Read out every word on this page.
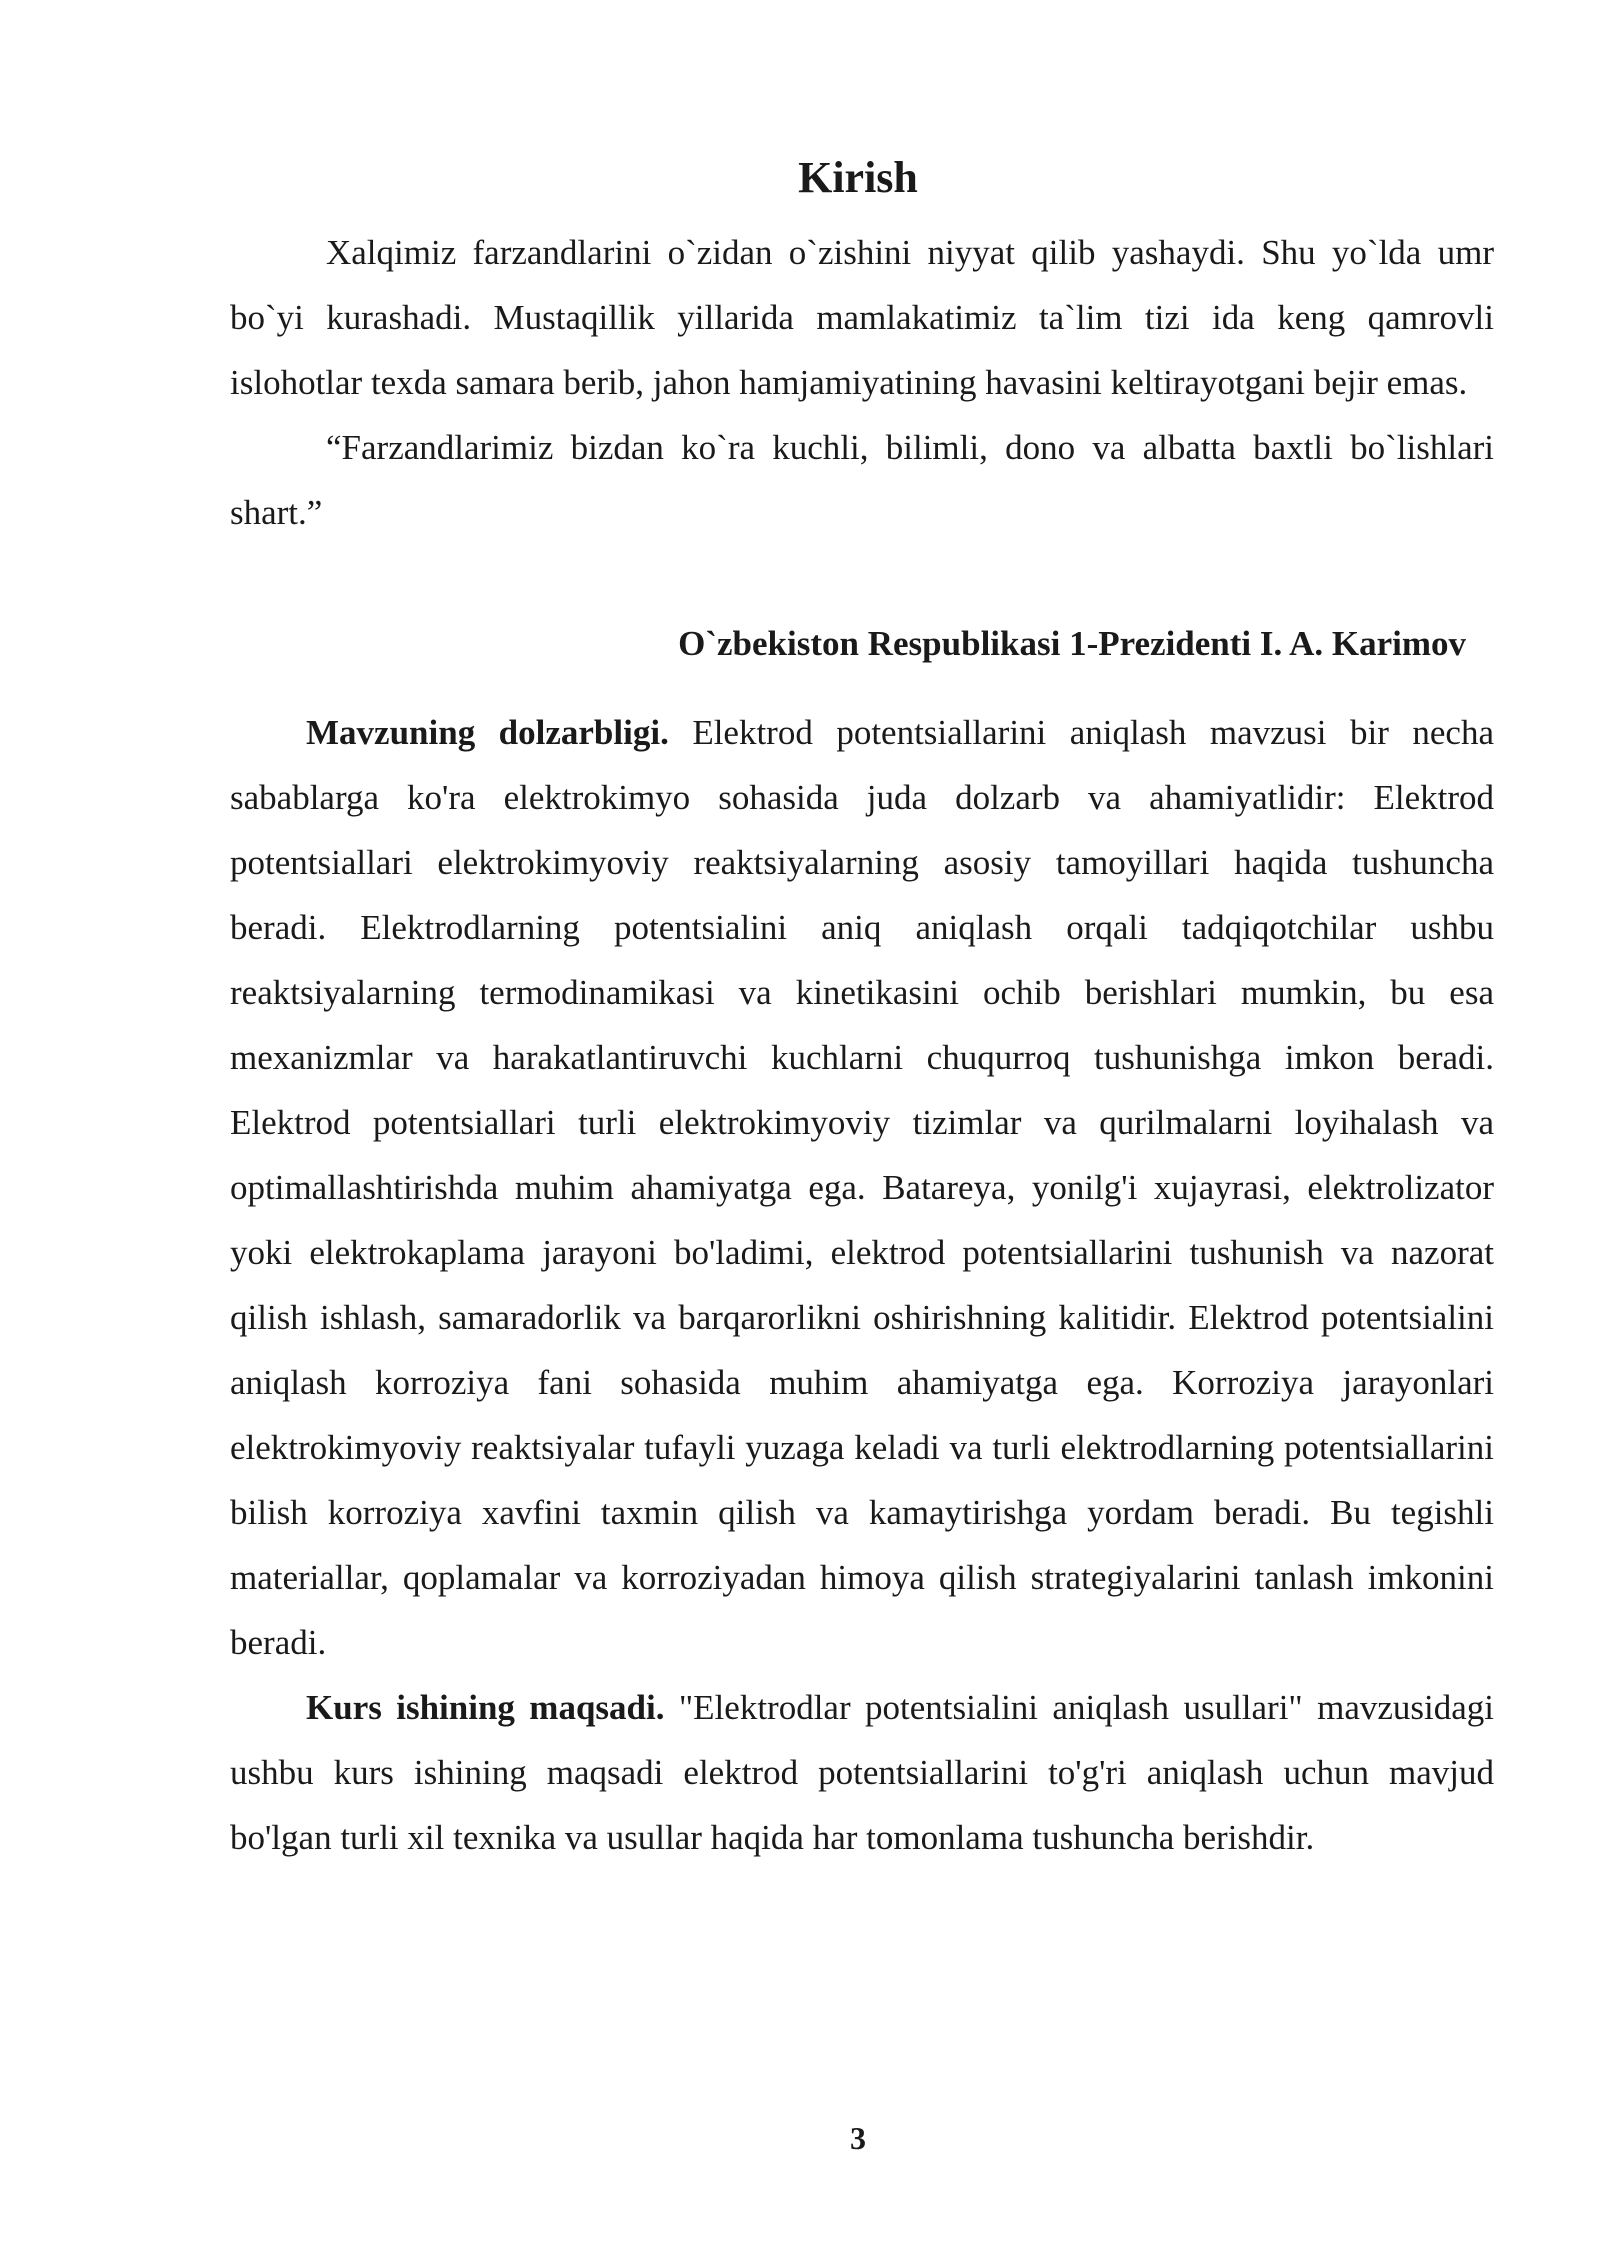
Kirish

Xalqimiz farzandlarini o`zidan o`zishini niyyat qilib yashaydi. Shu yo`lda umr bo`yi kurashadi. Mustaqillik yillarida mamlakatimiz ta`lim tizi ida keng qamrovli islohotlar texda samara berib, jahon hamjamiyatining havasini keltirayotgani bejir emas.

“Farzandlarimiz bizdan ko`ra kuchli, bilimli, dono va albatta baxtli bo`lishlari shart.”

O`zbekiston Respublikasi 1-Prezidenti I. A. Karimov

Mavzuning dolzarbligi. Elektrod potentsiallarini aniqlash mavzusi bir necha sabablarga ko'ra elektrokimyo sohasida juda dolzarb va ahamiyatlidir: Elektrod potentsiallari elektrokimyoviy reaktsiyalarning asosiy tamoyillari haqida tushuncha beradi. Elektrodlarning potentsialini aniq aniqlash orqali tadqiqotchilar ushbu reaktsiyalarning termodinamikasi va kinetikasini ochib berishlari mumkin, bu esa mexanizmlar va harakatlantiruvchi kuchlarni chuqurroq tushunishga imkon beradi. Elektrod potentsiallari turli elektrokimyoviy tizimlar va qurilmalarni loyihalash va optimallashtirishda muhim ahamiyatga ega. Batareya, yonilg'i xujayrasi, elektrolizator yoki elektrokaplama jarayoni bo'ladimi, elektrod potentsiallarini tushunish va nazorat qilish ishlash, samaradorlik va barqarorlikni oshirishning kalitidir. Elektrod potentsialini aniqlash korroziya fani sohasida muhim ahamiyatga ega. Korroziya jarayonlari elektrokimyoviy reaktsiyalar tufayli yuzaga keladi va turli elektrodlarning potentsiallarini bilish korroziya xavfini taxmin qilish va kamaytirishga yordam beradi. Bu tegishli materiallar, qoplamalar va korroziyadan himoya qilish strategiyalarini tanlash imkonini beradi.

Kurs ishining maqsadi. "Elektrodlar potentsialini aniqlash usullari" mavzusidagi ushbu kurs ishining maqsadi elektrod potentsiallarini to'g'ri aniqlash uchun mavjud bo'lgan turli xil texnika va usullar haqida har tomonlama tushuncha berishdir.

3
